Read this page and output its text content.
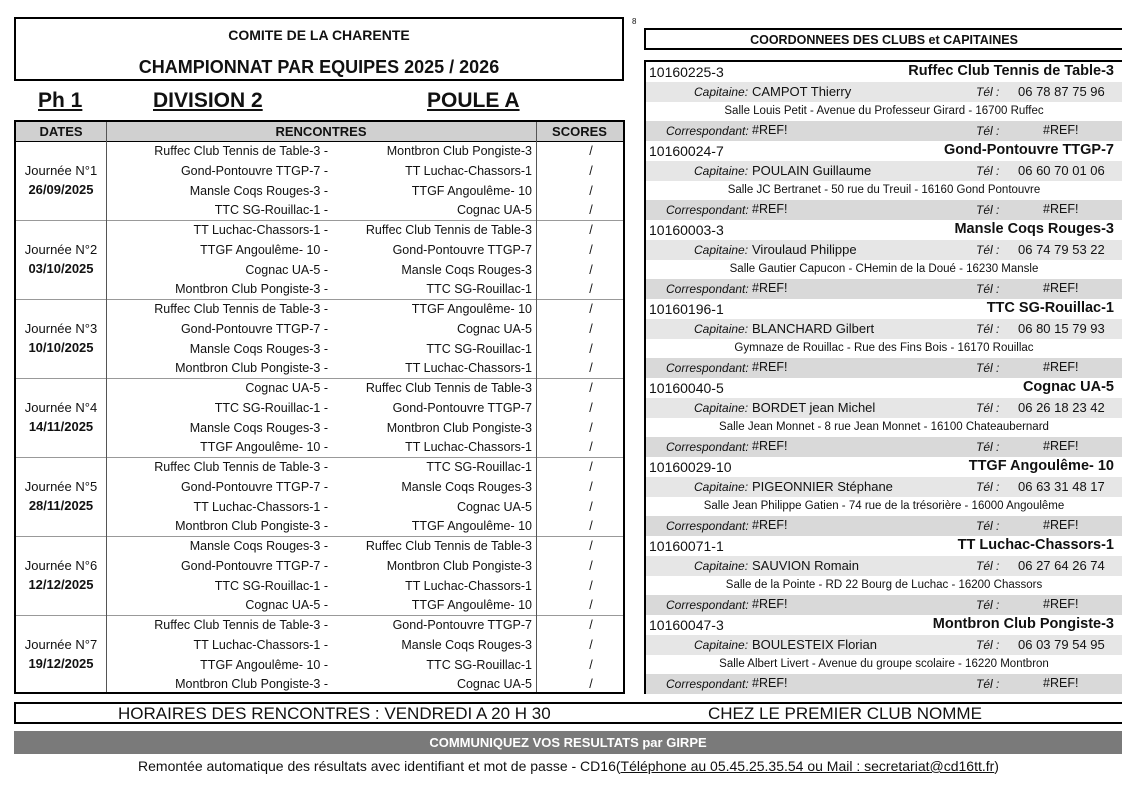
8
COMITE DE LA CHARENTE
CHAMPIONNAT PAR EQUIPES 2025 / 2026
Ph 1	DIVISION 2	POULE A
DATES	RENCONTRES	SCORES
Journée N°1
26/09/2025
Ruffec Club Tennis de Table-3 -	Montbron Club Pongiste-3	/
Gond-Pontouvre TTGP-7 -	TT Luchac-Chassors-1	/
Mansle Coqs Rouges-3 -	TTGF Angoulême- 10	/
TTC SG-Rouillac-1 -	Cognac UA-5	/
Journée N°2
03/10/2025
TT Luchac-Chassors-1 -	Ruffec Club Tennis de Table-3	/
TTGF Angoulême- 10 -	Gond-Pontouvre TTGP-7	/
Cognac UA-5 -	Mansle Coqs Rouges-3	/
Montbron Club Pongiste-3 -	TTC SG-Rouillac-1	/
Journée N°3
10/10/2025
Ruffec Club Tennis de Table-3 -	TTGF Angoulême- 10	/
Gond-Pontouvre TTGP-7 -	Cognac UA-5	/
Mansle Coqs Rouges-3 -	TTC SG-Rouillac-1	/
Montbron Club Pongiste-3 -	TT Luchac-Chassors-1	/
Journée N°4
14/11/2025
Cognac UA-5 -	Ruffec Club Tennis de Table-3	/
TTC SG-Rouillac-1 -	Gond-Pontouvre TTGP-7	/
Mansle Coqs Rouges-3 -	Montbron Club Pongiste-3	/
TTGF Angoulême- 10 -	TT Luchac-Chassors-1	/
Journée N°5
28/11/2025
Ruffec Club Tennis de Table-3 -	TTC SG-Rouillac-1	/
Gond-Pontouvre TTGP-7 -	Mansle Coqs Rouges-3	/
TT Luchac-Chassors-1 -	Cognac UA-5	/
Montbron Club Pongiste-3 -	TTGF Angoulême- 10	/
Journée N°6
12/12/2025
Mansle Coqs Rouges-3 -	Ruffec Club Tennis de Table-3	/
Gond-Pontouvre TTGP-7 -	Montbron Club Pongiste-3	/
TTC SG-Rouillac-1 -	TT Luchac-Chassors-1	/
Cognac UA-5 -	TTGF Angoulême- 10	/
Journée N°7
19/12/2025
Ruffec Club Tennis de Table-3 -	Gond-Pontouvre TTGP-7	/
TT Luchac-Chassors-1 -	Mansle Coqs Rouges-3	/
TTGF Angoulême- 10 -	TTC SG-Rouillac-1	/
Montbron Club Pongiste-3 -	Cognac UA-5	/
COORDONNEES DES CLUBS et CAPITAINES
10160225-3	Ruffec Club Tennis de Table-3
Capitaine: CAMPOT Thierry	Tél : 06 78 87 75 96
Salle Louis Petit - Avenue du Professeur Girard - 16700 Ruffec
Correspondant: #REF!	Tél :	#REF!
10160024-7	Gond-Pontouvre TTGP-7
Capitaine: POULAIN Guillaume	Tél : 06 60 70 01 06
Salle JC Bertranet - 50 rue du Treuil - 16160 Gond Pontouvre
Correspondant: #REF!	Tél :	#REF!
10160003-3	Mansle Coqs Rouges-3
Capitaine: Viroulaud Philippe	Tél : 06 74 79 53 22
Salle Gautier Capucon - CHemin de la Doué - 16230 Mansle
Correspondant: #REF!	Tél :	#REF!
10160196-1	TTC SG-Rouillac-1
Capitaine: BLANCHARD Gilbert	Tél : 06 80 15 79 93
Gymnaze de Rouillac - Rue des Fins Bois - 16170 Rouillac
Correspondant: #REF!	Tél :	#REF!
10160040-5	Cognac UA-5
Capitaine: BORDET jean Michel	Tél : 06 26 18 23 42
Salle Jean Monnet - 8 rue Jean Monnet - 16100 Chateaubernard
Correspondant: #REF!	Tél :	#REF!
10160029-10	TTGF Angoulême- 10
Capitaine: PIGEONNIER Stéphane	Tél : 06 63 31 48 17
Salle Jean Philippe Gatien - 74 rue de la trésorière - 16000 Angoulême
Correspondant: #REF!	Tél :	#REF!
10160071-1	TT Luchac-Chassors-1
Capitaine: SAUVION Romain	Tél : 06 27 64 26 74
Salle de la Pointe - RD 22 Bourg de Luchac - 16200 Chassors
Correspondant: #REF!	Tél :	#REF!
10160047-3	Montbron Club Pongiste-3
Capitaine: BOULESTEIX Florian	Tél : 06 03 79 54 95
Salle Albert Livert - Avenue du groupe scolaire - 16220 Montbron
Correspondant: #REF!	Tél :	#REF!
HORAIRES DES RENCONTRES : VENDREDI A 20 H 30	CHEZ LE PREMIER CLUB NOMME
COMMUNIQUEZ VOS RESULTATS par GIRPE
Remontée automatique des résultats avec identifiant et mot de passe - CD16(Téléphone au 05.45.25.35.54 ou Mail : secretariat@cd16tt.fr)
